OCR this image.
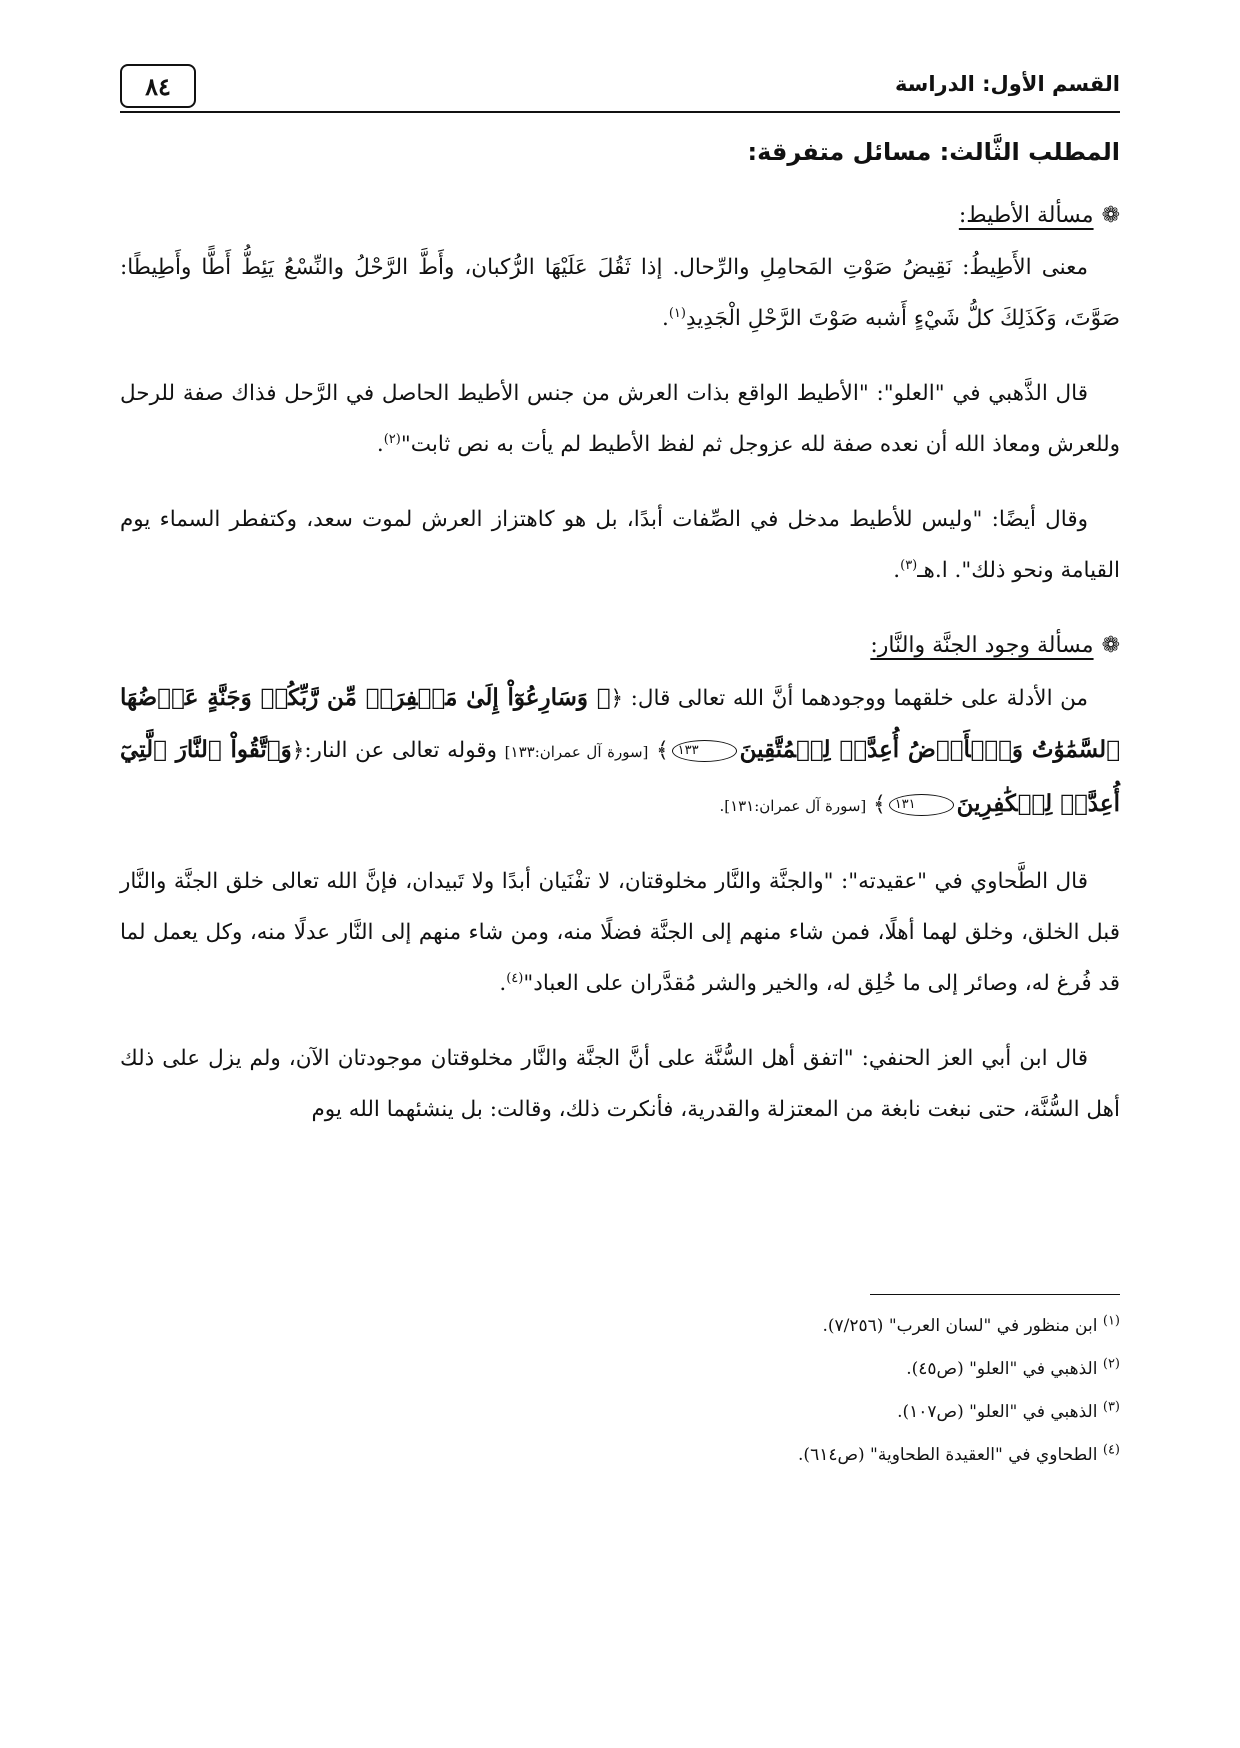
القسم الأول: الدراسة
٨٤
المطلب الثَّالث: مسائل متفرقة:

❁مسألة الأطيط:

معنى الأَطِيطُ: نَقِيضُ صَوْتِ المَحامِلِ والرِّحال. إذا ثَقُلَ عَلَيْهَا الرُّكبان، وأَطَّ الرَّحْلُ والنِّسْعُ يَئِطُّ أَطًّا وأَطِيطًا: صَوَّتَ، وَكَذَلِكَ كلُّ شَيْءٍ أَشبه صَوْتَ الرَّحْلِ الْجَدِيدِ$^{(١)}$.

قال الذَّهبي في "العلو": "الأطيط الواقع بذات العرش من جنس الأطيط الحاصل في الرَّحل فذاك صفة للرحل وللعرش ومعاذ الله أن نعده صفة لله عزوجل ثم لفظ الأطيط لم يأت به نص ثابت"$^{(٢)}$.

وقال أيضًا: "وليس للأطيط مدخل في الصِّفات أبدًا، بل هو كاهتزاز العرش لموت سعد، وكتفطر السماء يوم القيامة ونحو ذلك". ا.هـ$^{(٣)}$.

❁مسألة وجود الجنَّة والنَّار:

من الأدلة على خلقهما ووجودهما أنَّ الله تعالى قال: ﴿۞ وَسَارِعُوٓاْ إِلَىٰ مَغۡفِرَةٖ مِّن رَّبِّكُمۡ وَجَنَّةٍ عَرۡضُهَا ٱلسَّمَٰوَٰتُ وَٱلۡأَرۡضُ أُعِدَّتۡ لِلۡمُتَّقِينَ١٣٣﴾ [سورة آل عمران:١٣٣] وقوله تعالى عن النار:﴿وَٱتَّقُواْ ٱلنَّارَ ٱلَّتِيٓ أُعِدَّتۡ لِلۡكَٰفِرِينَ١٣١﴾ [سورة آل عمران:١٣١].

قال الطَّحاوي في "عقيدته": "والجنَّة والنَّار مخلوقتان، لا تفْنَيان أبدًا ولا تَبيدان، فإنَّ الله تعالى خلق الجنَّة والنَّار قبل الخلق، وخلق لهما أهلًا، فمن شاء منهم إلى الجنَّة فضلًا منه، ومن شاء منهم إلى النَّار عدلًا منه، وكل يعمل لما قد فُرغ له، وصائر إلى ما خُلِق له، والخير والشر مُقدَّران على العباد"$^{(٤)}$.

قال ابن أبي العز الحنفي: "اتفق أهل السُّنَّة على أنَّ الجنَّة والنَّار مخلوقتان موجودتان الآن، ولم يزل على ذلك أهل السُّنَّة، حتى نبغت نابغة من المعتزلة والقدرية، فأنكرت ذلك، وقالت: بل ينشئهما الله يوم

$^{(١)}$ ابن منظور في "لسان العرب" (٧/٢٥٦).

$^{(٢)}$ الذهبي في "العلو" (ص٤٥).

$^{(٣)}$ الذهبي في "العلو" (ص١٠٧).

$^{(٤)}$ الطحاوي في "العقيدة الطحاوية" (ص٦١٤).
